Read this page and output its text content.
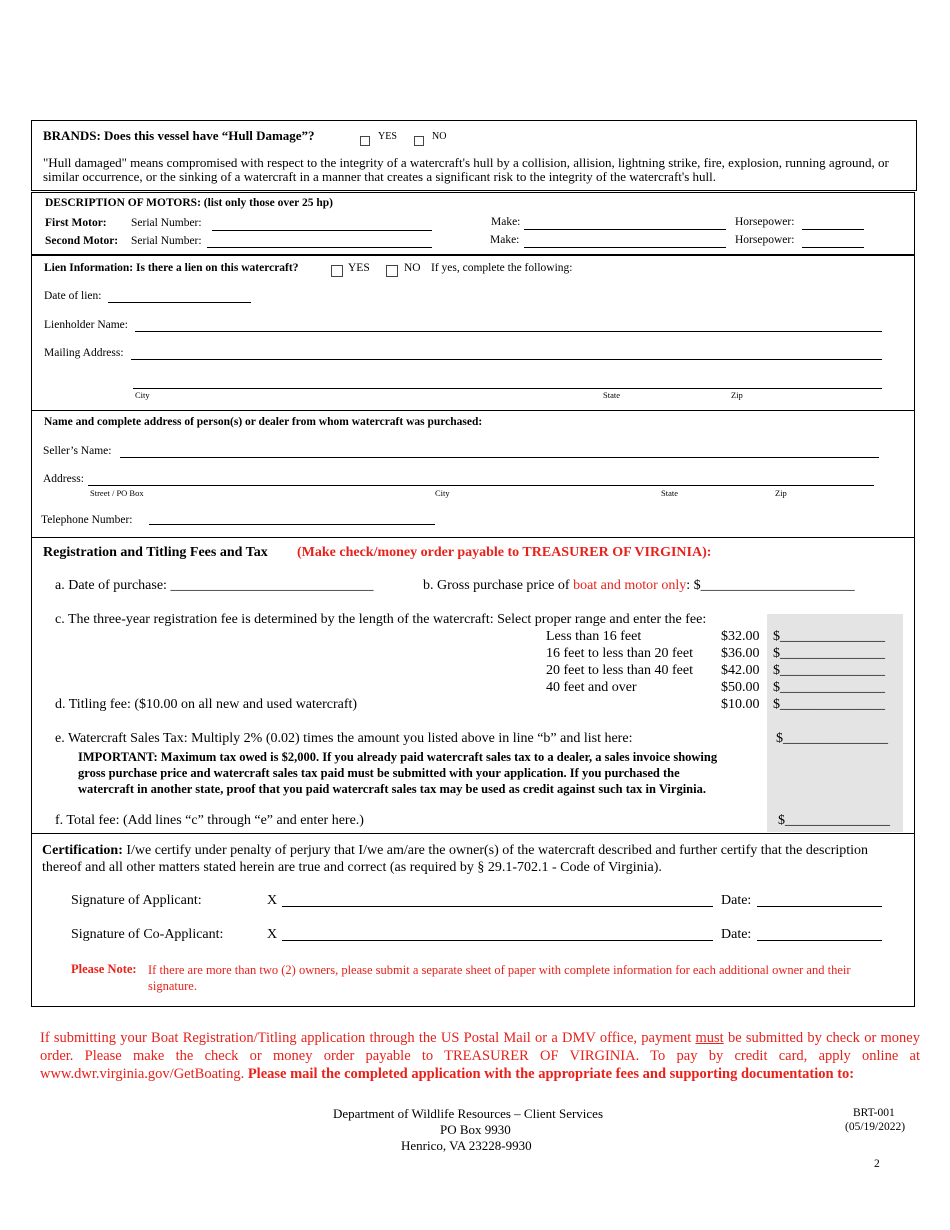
BRANDS: Does this vessel have “Hull Damage”?	YES	NO
"Hull damaged" means compromised with respect to the integrity of a watercraft's hull by a collision, allision, lightning strike, fire, explosion, running aground, or similar occurrence, or the sinking of a watercraft in a manner that creates a significant risk to the integrity of the watercraft's hull.
DESCRIPTION OF MOTORS: (list only those over 25 hp)
First Motor: Serial Number:	Make:	Horsepower:
Second Motor: Serial Number:	Make:	Horsepower:
Lien Information: Is there a lien on this watercraft?	YES	NO If yes, complete the following:
Date of lien:
Lienholder Name:
Mailing Address:
City	State	Zip
Name and complete address of person(s) or dealer from whom watercraft was purchased:
Seller’s Name:
Address:
Street / PO Box	City	State	Zip
Telephone Number:
Registration and Titling Fees and Tax (Make check/money order payable to TREASURER OF VIRGINIA):
a. Date of purchase: _____________________________	b. Gross purchase price of boat and motor only: $______________________
c. The three-year registration fee is determined by the length of the watercraft: Select proper range and enter the fee:
Less than 16 feet	$32.00 $_______________
16 feet to less than 20 feet $36.00 $_______________
20 feet to less than 40 feet $42.00 $_______________
40 feet and over	$50.00 $_______________
d. Titling fee: ($10.00 on all new and used watercraft)	$10.00 $_______________
e. Watercraft Sales Tax: Multiply 2% (0.02) times the amount you listed above in line “b” and list here:	$_______________
IMPORTANT: Maximum tax owed is $2,000. If you already paid watercraft sales tax to a dealer, a sales invoice showing gross purchase price and watercraft sales tax paid must be submitted with your application. If you purchased the watercraft in another state, proof that you paid watercraft sales tax may be used as credit against such tax in Virginia.
f. Total fee: (Add lines “c” through “e” and enter here.)	$_______________
Certification: I/we certify under penalty of perjury that I/we am/are the owner(s) of the watercraft described and further certify that the description thereof and all other matters stated herein are true and correct (as required by § 29.1-702.1 - Code of Virginia).
Signature of Applicant:	X	Date:
Signature of Co-Applicant:	X	Date:
Please Note: If there are more than two (2) owners, please submit a separate sheet of paper with complete information for each additional owner and their signature.
If submitting your Boat Registration/Titling application through the US Postal Mail or a DMV office, payment must be submitted by check or money order. Please make the check or money order payable to TREASURER OF VIRGINIA. To pay by credit card, apply online at www.dwr.virginia.gov/GetBoating. Please mail the completed application with the appropriate fees and supporting documentation to:
Department of Wildlife Resources – Client Services
PO Box 9930
Henrico, VA 23228-9930
BRT-001
(05/19/2022)
2
